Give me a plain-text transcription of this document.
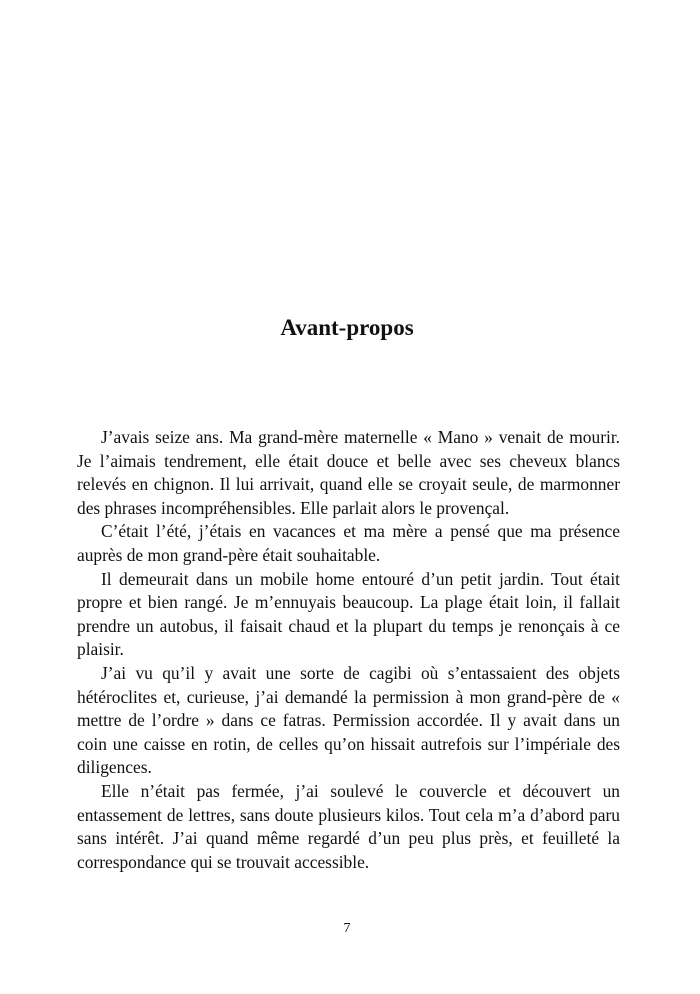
Avant-propos

J’avais seize ans. Ma grand-mère maternelle « Mano » venait de mourir. Je l’aimais tendrement, elle était douce et belle avec ses cheveux blancs relevés en chignon. Il lui arrivait, quand elle se croyait seule, de marmonner des phrases incompréhensibles. Elle parlait alors le provençal.

C’était l’été, j’étais en vacances et ma mère a pensé que ma présence auprès de mon grand-père était souhaitable.

Il demeurait dans un mobile home entouré d’un petit jardin. Tout était propre et bien rangé. Je m’ennuyais beaucoup. La plage était loin, il fallait prendre un autobus, il faisait chaud et la plupart du temps je renonçais à ce plaisir.

J’ai vu qu’il y avait une sorte de cagibi où s’entassaient des objets hétéroclites et, curieuse, j’ai demandé la permission à mon grand-père de « mettre de l’ordre » dans ce fatras. Permission accordée. Il y avait dans un coin une caisse en rotin, de celles qu’on hissait autrefois sur l’impériale des diligences.

Elle n’était pas fermée, j’ai soulevé le couvercle et découvert un entassement de lettres, sans doute plusieurs kilos. Tout cela m’a d’abord paru sans intérêt. J’ai quand même regardé d’un peu plus près, et feuilleté la correspondance qui se trouvait accessible.

7
